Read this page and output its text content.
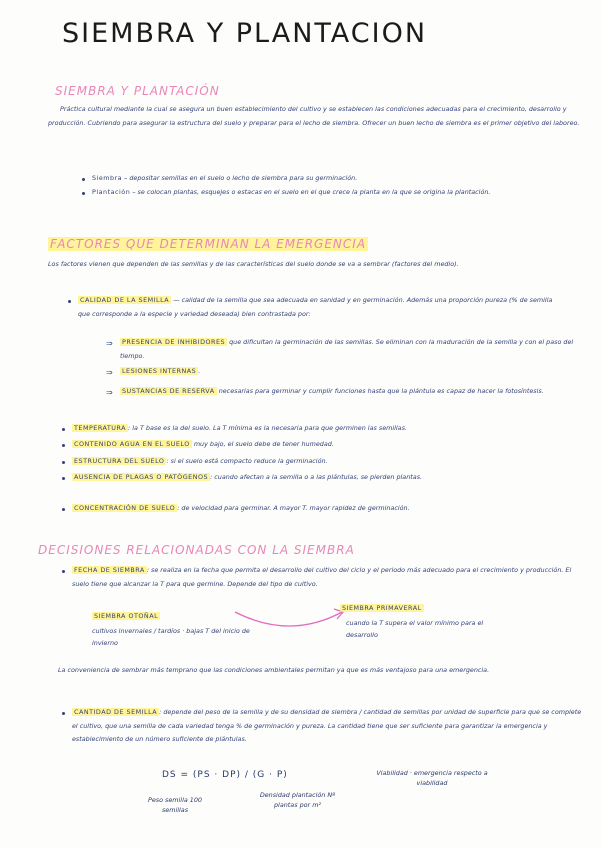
SIEMBRA Y PLANTACION
SIEMBRA Y PLANTACIÓN

Práctica cultural mediante la cual se asegura un buen establecimiento del cultivo y se establecen las condiciones adecuadas para el crecimiento, desarrollo y producción. Cubriendo para asegurar la estructura del suelo y preparar para el lecho de siembra. Ofrecer un buen lecho de siembra es el primer objetivo del laboreo.

Siembra – depositar semillas en el suelo o lecho de siembra para su germinación.

Plantación – se colocan plantas, esquejes o estacas en el suelo en el que crece la planta en la que se origina la plantación.

FACTORES QUE DETERMINAN LA EMERGENCIA

Los factores vienen que dependen de las semillas y de las características del suelo donde se va a sembrar (factores del medio).

CALIDAD DE LA SEMILLA — calidad de la semilla que sea adecuada en sanidad y en germinación. Además una proporción pureza (% de semilla que corresponde a la especie y variedad deseada) bien contrastada por:

⇒	PRESENCIA DE INHIBIDORES que dificultan la germinación de las semillas. Se eliminan con la maduración de la semilla y con el paso del tiempo.

⇒	LESIONES INTERNAS .

⇒	SUSTANCIAS DE RESERVA necesarias para germinar y cumplir funciones hasta que la plántula es capaz de hacer la fotosíntesis.

TEMPERATURA : la T base es la del suelo. La T mínima es la necesaria para que germinen las semillas.

CONTENIDO AGUA EN EL SUELO muy bajo, el suelo debe de tener humedad.

ESTRUCTURA DEL SUELO : si el suelo está compacto reduce la germinación.

AUSENCIA DE PLAGAS O PATÓGENOS : cuando afectan a la semilla o a las plántulas, se pierden plantas.

CONCENTRACIÓN DE SUELO : de velocidad para germinar. A mayor T. mayor rapidez de germinación.

DECISIONES RELACIONADAS CON LA SIEMBRA

FECHA DE SIEMBRA : se realiza en la fecha que permita el desarrollo del cultivo del ciclo y el periodo más adecuado para el crecimiento y producción. El suelo tiene que alcanzar la T para que germine. Depende del tipo de cultivo.

SIEMBRA OTOÑAL

cultivos invernales / tardíos · bajas T del inicio de invierno

SIEMBRA PRIMAVERAL

cuando la T supera el valor mínimo para el desarrollo

La conveniencia de sembrar más temprano que las condiciones ambientales permitan ya que es más ventajoso para una emergencia.

CANTIDAD DE SEMILLA : depende del peso de la semilla y de su densidad de siembra / cantidad de semillas por unidad de superficie para que se complete el cultivo, que una semilla de cada variedad tenga % de germinación y pureza. La cantidad tiene que ser suficiente para garantizar la emergencia y establecimiento de un número suficiente de plántulas.

DS = (PS · DP) / (G · P)

Peso semilla 100 semillas

Densidad plantación Nº plantas por m²

Viabilidad · emergencia respecto a viabilidad
